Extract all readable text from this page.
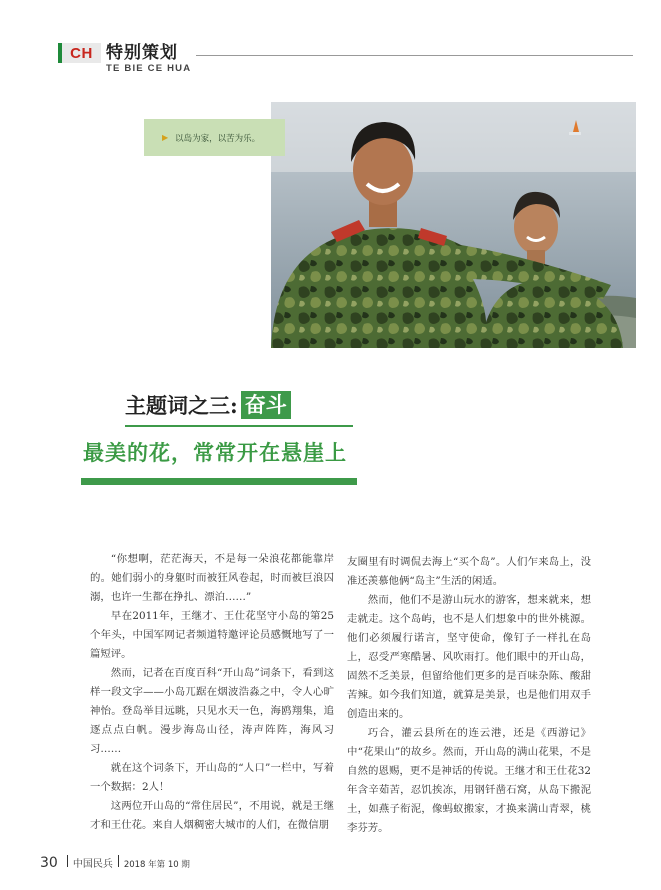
CH 特别策划
TE BIE CE HUA
▶ 以岛为家，以苦为乐。
主题词之三: 奋斗
最美的花，常常开在悬崖上

“你想啊，茫茫海天，不是每一朵浪花都能靠岸的。她们弱小的身躯时而被狂风卷起，时而被巨浪囚溺，也许一生都在挣扎、漂泊……”

早在2011年，王继才、王仕花坚守小岛的第25个年头，中国军网记者频道特邀评论员感慨地写了一篇短评。

然而，记者在百度百科“开山岛”词条下，看到这样一段文字——小岛兀踞在烟波浩淼之中，令人心旷神怡。登岛举目远眺，只见水天一色，海鸥翔集，追逐点点白帆。漫步海岛山径，涛声阵阵，海风习习……

就在这个词条下，开山岛的“人口”一栏中，写着一个数据：2人！

这两位开山岛的“常住居民”，不用说，就是王继才和王仕花。来自人烟稠密大城市的人们，在微信朋

友圈里有时调侃去海上“买个岛”。人们乍来岛上，没准还羡慕他俩“岛主”生活的闲适。

然而，他们不是游山玩水的游客，想来就来，想走就走。这个岛屿，也不是人们想象中的世外桃源。他们必须履行诺言，坚守使命，像钉子一样扎在岛上，忍受严寒酷暑、风吹雨打。他们眼中的开山岛，固然不乏美景，但留给他们更多的是百味杂陈、酸甜苦辣。如今我们知道，就算是美景，也是他们用双手创造出来的。

巧合，灌云县所在的连云港，还是《西游记》中“花果山”的故乡。然而，开山岛的满山花果，不是自然的恩赐，更不是神话的传说。王继才和王仕花32年含辛茹苦，忍饥挨冻，用钢钎凿石窝，从岛下搬泥土，如燕子衔泥，像蚂蚁搬家，才换来满山青翠，桃李芬芳。

30 中国民兵 2018 年第 10 期
